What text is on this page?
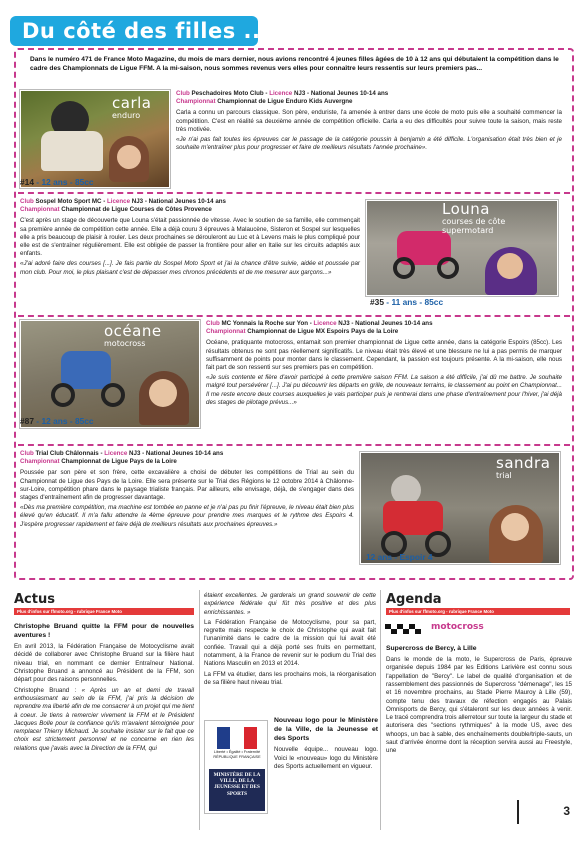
Du côté des filles ...
Dans le numéro 471 de France Moto Magazine, du mois de mars dernier, nous avions rencontré 4 jeunes filles âgées de 10 à 12 ans qui débutaient la compétition dans le cadre des Championnats de Ligue FFM. A la mi-saison, nous sommes revenus vers elles pour connaître leurs ressentis sur leurs premiers pas...
carla
enduro
#14 - 12 ans - 85cc
Club Peschadoires Moto Club - Licence NJ3 - National Jeunes 10-14 ans
Championnat Championnat de Ligue Enduro Kids Auvergne
Carla a connu un parcours classique. Son père, enduriste, l'a amenée à entrer dans une école de moto puis elle a souhaité commencer la compétition. C'est en réalité sa deuxième année de compétition officielle. Carla a eu des difficultés pour suivre toute la saison, mais reste très motivée.
«Je n'ai pas fait toutes les épreuves car le passage de la catégorie poussin à benjamin a été difficile. L'organisation était très bien et je souhaite m'entraîner plus pour progresser et faire de meilleurs résultats l'année prochaine».
Club Sospel Moto Sport MC - Licence NJ3 - National Jeunes 10-14 ans
Championnat Championnat de Ligue Courses de Côtes Provence
C'est après un stage de découverte que Louna s'était passionnée de vitesse. Avec le soutien de sa famille, elle commençait sa première année de compétition cette année. Elle a déjà couru 3 épreuves à Malaucène, Sisteron et Sospel sur lesquelles elle a pris beaucoup de plaisir à rouler. Les deux prochaines se dérouleront au Luc et à Levens mais le plus compliqué pour elle est de s'entraîner régulièrement. Elle est obligée de passer la frontière pour aller en Italie sur les circuits adaptés aux enfants.
«J'ai adoré faire des courses [...]. Je fais partie du Sospel Moto Sport et j'ai la chance d'être suivie, aidée et poussée par mon club. Pour moi, le plus plaisant c'est de dépasser mes chronos précédents et de me mesurer aux garçons...»
Louna
courses de côte supermotard
#35 - 11 ans - 85cc
océane
motocross
#87 - 12 ans - 85cc
Club MC Yonnais la Roche sur Yon - Licence NJ3 - National Jeunes 10-14 ans
Championnat Championnat de Ligue MX Espoirs Pays de la Loire
Océane, pratiquante motocross, entamait son premier championnat de Ligue cette année, dans la catégorie Espoirs (85cc). Les résultats obtenus ne sont pas réellement significatifs. Le niveau était très élevé et une blessure ne lui a pas permis de marquer suffisamment de points pour monter dans le classement. Cependant, la passion est toujours présente. A la mi-saison, elle nous fait part de son ressenti sur ses premiers pas en compétition.
«Je suis contente et fière d'avoir participé à cette première saison FFM. La saison a été difficile, j'ai dû me battre. Je souhaite malgré tout persévérer [...]. J'ai pu découvrir les départs en grille, de nouveaux terrains, le classement au point en Championnat... Il me reste encore deux courses auxquelles je vais participer puis je rentrerai dans une phase d'entraînement pour l'hiver, j'ai déjà des stages de pilotage prévus...»
Club Trial Club Châlonnais - Licence NJ3 - National Jeunes 10-14 ans
Championnat Championnat de Ligue Pays de la Loire
Poussée par son père et son frère, cette excavalière a choisi de débuter les compétitions de Trial au sein du Championnat de Ligue des Pays de la Loire. Elle sera présente sur le Trial des Régions le 12 octobre 2014 à Châlonne-sur-Loire, compétition phare dans le paysage trialiste français. Par ailleurs, elle envisage, déjà, de s'engager dans des stages d'entraînement afin de progresser davantage.
«Dès ma première compétition, ma machine est tombée en panne et je n'ai pas pu finir l'épreuve, le niveau était bien plus élevé qu'en éducatif. Il m'a fallu attendre la 4ème épreuve pour prendre mes marques et le rythme des Espoirs 4. J'espère progresser rapidement et faire déjà de meilleurs résultats aux prochaines épreuves.»
sandra
trial
12 ans - Espoir 4
Actus
Plus d'infos sur ffmoto.org - rubrique France Moto

Christophe Bruand quitte la FFM pour de nouvelles aventures !

En avril 2013, la Fédération Française de Motocyclisme avait décidé de collaborer avec Christophe Bruand sur la filière haut niveau trial, en nommant ce dernier Entraîneur National. Christophe Bruand a annoncé au Président de la FFM, son départ pour des raisons personnelles.

Christophe Bruand : « Après un an et demi de travail enthousiasmant au sein de la FFM, j'ai pris la décision de reprendre ma liberté afin de me consacrer à un projet qui me tient à coeur. Je tiens à remercier vivement la FFM et le Président Jacques Bolle pour la confiance qu'ils m'avaient témoignée pour remplacer Thierry Michaud. Je souhaite insister sur le fait que ce choix est strictement personnel et ne concerne en rien les relations que j'avais avec la Direction de la FFM, qui

étaient excellentes. Je garderais un grand souvenir de cette expérience fédérale qui fût très positive et des plus enrichissantes. »

La Fédération Française de Motocyclisme, pour sa part, regrette mais respecte le choix de Christophe qui avait fait l'unanimité dans le cadre de la mission qui lui avait été confiée. Travail qui a déjà porté ses fruits en permettant, notamment, à la France de revenir sur le podium du Trial des Nations Masculin en 2013 et 2014.

La FFM va étudier, dans les prochains mois, la réorganisation de sa filière haut niveau trial.

Liberté • Égalité • Fraternité RÉPUBLIQUE FRANÇAISE
MINISTÈRE DE LA VILLE, DE LA JEUNESSE ET DES SPORTS

Nouveau logo pour le Ministère de la Ville, de la Jeunesse et des Sports

Nouvelle équipe... nouveau logo. Voici le «nouveau» logo du Ministère des Sports actuellement en vigueur.

Agenda
Plus d'infos sur ffmoto.org - rubrique France Moto
motocross

Supercross de Bercy, à Lille

Dans le monde de la moto, le Supercross de Paris, épreuve organisée depuis 1984 par les Editions Larivière est connu sous l'appellation de "Bercy". Le label de qualité d'organisation et de rassemblement des passionnés de Supercross "démenage", les 15 et 16 novembre prochains, au Stade Pierre Mauroy à Lille (59), compte tenu des travaux de réfection engagés au Palais Omnisports de Bercy, qui s'étaleront sur les deux années à venir. Le tracé comprendra trois allerretour sur toute la largeur du stade et autorisera des "sections rythmiques" à la mode US, avec des whoops, un bac à sable, des enchaînements double/triple-sauts, un saut d'arrivée énorme dont la réception servira aussi au Freestyle, une

3
